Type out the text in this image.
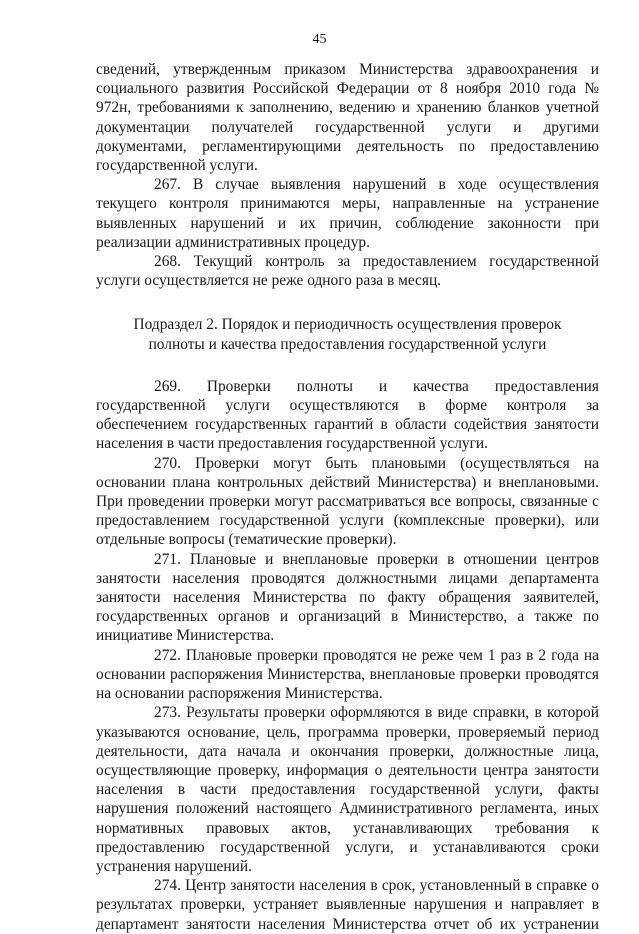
45

сведений, утвержденным приказом Министерства здравоохранения и социального развития Российской Федерации от 8 ноября 2010 года № 972н, требованиями к заполнению, ведению и хранению бланков учетной документации получателей государственной услуги и другими документами, регламентирующими деятельность по предоставлению государственной услуги.

267. В случае выявления нарушений в ходе осуществления текущего контроля принимаются меры, направленные на устранение выявленных нарушений и их причин, соблюдение законности при реализации административных процедур.

268. Текущий контроль за предоставлением государственной услуги осуществляется не реже одного раза в месяц.

Подраздел 2. Порядок и периодичность осуществления проверок
полноты и качества предоставления государственной услуги

269. Проверки полноты и качества предоставления государственной услуги осуществляются в форме контроля за обеспечением государственных гарантий в области содействия занятости населения в части предоставления государственной услуги.

270. Проверки могут быть плановыми (осуществляться на основании плана контрольных действий Министерства) и внеплановыми. При проведении проверки могут рассматриваться все вопросы, связанные с предоставлением государственной услуги (комплексные проверки), или отдельные вопросы (тематические проверки).

271. Плановые и внеплановые проверки в отношении центров занятости населения проводятся должностными лицами департамента занятости населения Министерства по факту обращения заявителей, государственных органов и организаций в Министерство, а также по инициативе Министерства.

272. Плановые проверки проводятся не реже чем 1 раз в 2 года на основании распоряжения Министерства, внеплановые проверки проводятся на основании распоряжения Министерства.

273. Результаты проверки оформляются в виде справки, в которой указываются основание, цель, программа проверки, проверяемый период деятельности, дата начала и окончания проверки, должностные лица, осуществляющие проверку, информация о деятельности центра занятости населения в части предоставления государственной услуги, факты нарушения положений настоящего Административного регламента, иных нормативных правовых актов, устанавливающих требования к предоставлению государственной услуги, и устанавливаются сроки устранения нарушений.

274. Центр занятости населения в срок, установленный в справке о результатах проверки, устраняет выявленные нарушения и направляет в департамент занятости населения Министерства отчет об их устранении
